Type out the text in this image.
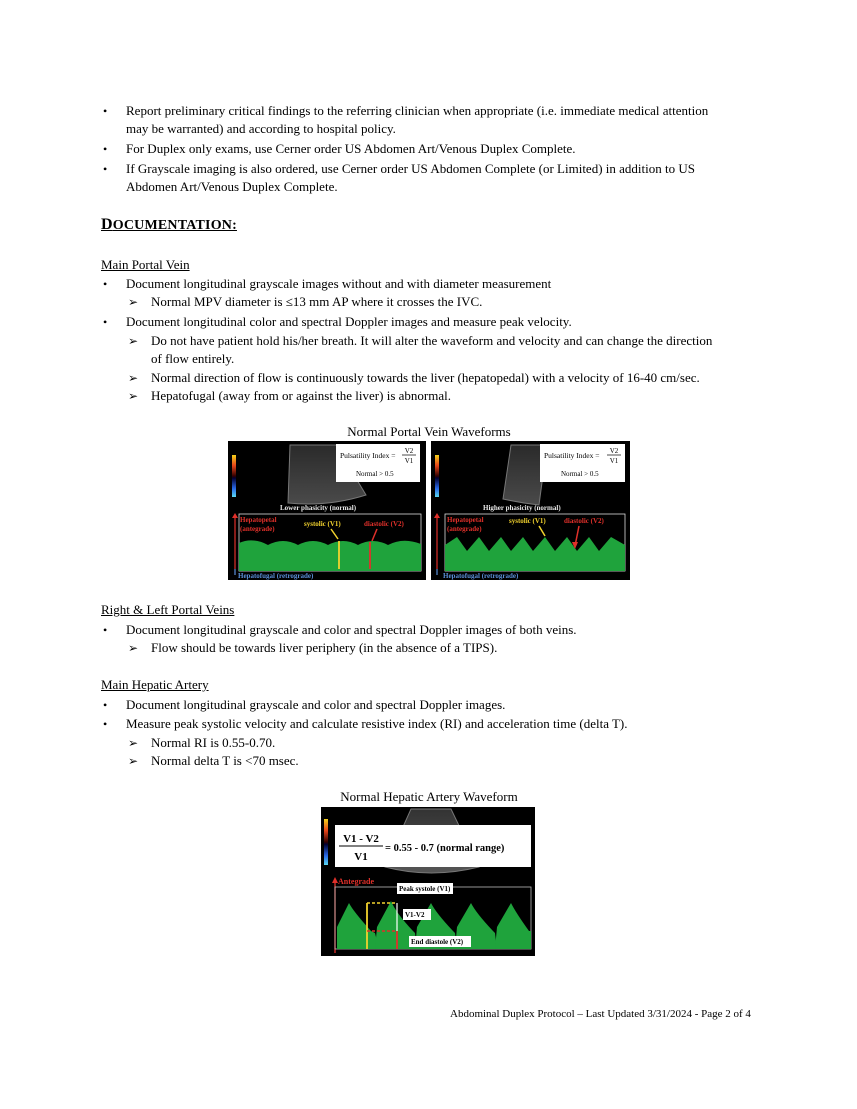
• Report preliminary critical findings to the referring clinician when appropriate (i.e. immediate medical attention
may be warranted) and according to hospital policy.
• For Duplex only exams, use Cerner order US Abdomen Art/Venous Duplex Complete.
• If Grayscale imaging is also ordered, use Cerner order US Abdomen Complete (or Limited) in addition to US
Abdomen Art/Venous Duplex Complete.
DOCUMENTATION:
Main Portal Vein
• Document longitudinal grayscale images without and with diameter measurement
➢ Normal MPV diameter is ≤13 mm AP where it crosses the IVC.
• Document longitudinal color and spectral Doppler images and measure peak velocity.
➢ Do not have patient hold his/her breath. It will alter the waveform and velocity and can change the direction
of flow entirely.
➢ Normal direction of flow is continuously towards the liver (hepatopedal) with a velocity of 16-40 cm/sec.
➢ Hepatofugal (away from or against the liver) is abnormal.
Normal Portal Vein Waveforms
Pulsatility Index = V2
V1
Normal > 0.5
Lower phasicity (normal)
Hepatopetal
(antegrade)
systolic (V1)	diastolic (V2)
Hepatofugal (retrograde)
Pulsatility Index = V2
V1
Normal > 0.5
Higher phasicity (normal)
Hepatopetal
(antegrade)
systolic (V1)	diastolic (V2)
Hepatofugal (retrograde)
Right & Left Portal Veins
• Document longitudinal grayscale and color and spectral Doppler images of both veins.
➢ Flow should be towards liver periphery (in the absence of a TIPS).
Main Hepatic Artery
• Document longitudinal grayscale and color and spectral Doppler images.
• Measure peak systolic velocity and calculate resistive index (RI) and acceleration time (delta T).
➢ Normal RI is 0.55-0.70.
➢ Normal delta T is <70 msec.
Normal Hepatic Artery Waveform
V1 - V2
V1
= 0.55 - 0.7 (normal range)
Antegrade
Peak systole (V1)
V1-V2
End diastole (V2)
Abdominal Duplex Protocol – Last Updated 3/31/2024 - Page 2 of 4
